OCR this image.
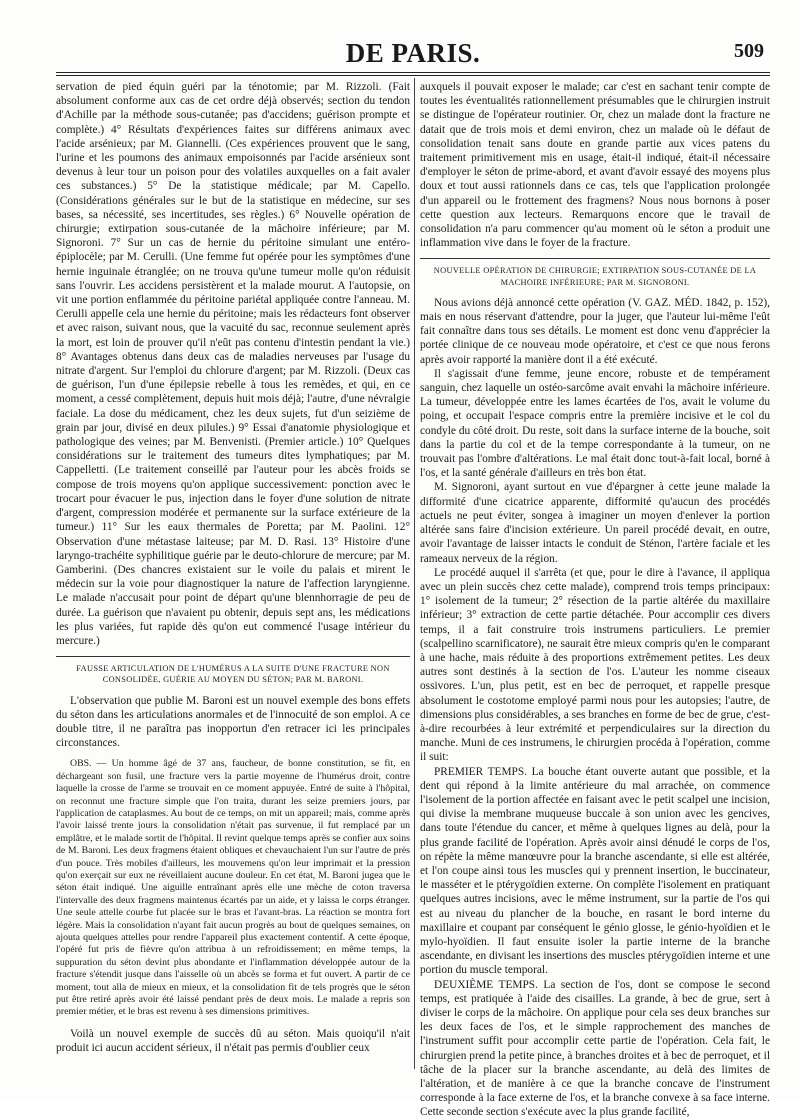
DE PARIS.	509

servation de pied équin guéri par la ténotomie; par M. Rizzoli. (Fait absolument conforme aux cas de cet ordre déjà observés; section du tendon d'Achille par la méthode sous-cutanée; pas d'accidens; guérison prompte et complète.) 4° Résultats d'expériences faites sur différens animaux avec l'acide arsénieux; par M. Giannelli. (Ces expériences prouvent que le sang, l'urine et les poumons des animaux empoisonnés par l'acide arsénieux sont devenus à leur tour un poison pour des volatiles auxquelles on a fait avaler ces substances.) 5° De la statistique médicale; par M. Capello. (Considérations générales sur le but de la statistique en médecine, sur ses bases, sa nécessité, ses incertitudes, ses règles.) 6° Nouvelle opération de chirurgie; extirpation sous-cutanée de la mâchoire inférieure; par M. Signoroni. 7° Sur un cas de hernie du péritoine simulant une entéro-épiplocèle; par M. Cerulli. (Une femme fut opérée pour les symptômes d'une hernie inguinale étranglée; on ne trouva qu'une tumeur molle qu'on réduisit sans l'ouvrir. Les accidens persistèrent et la malade mourut. A l'autopsie, on vit une portion enflammée du péritoine pariétal appliquée contre l'anneau. M. Cerulli appelle cela une hernie du péritoine; mais les rédacteurs font observer et avec raison, suivant nous, que la vacuité du sac, reconnue seulement après la mort, est loin de prouver qu'il n'eût pas contenu d'intestin pendant la vie.) 8° Avantages obtenus dans deux cas de maladies nerveuses par l'usage du nitrate d'argent. Sur l'emploi du chlorure d'argent; par M. Rizzoli. (Deux cas de guérison, l'un d'une épilepsie rebelle à tous les remèdes, et qui, en ce moment, a cessé complètement, depuis huit mois déjà; l'autre, d'une névralgie faciale. La dose du médicament, chez les deux sujets, fut d'un seizième de grain par jour, divisé en deux pilules.) 9° Essai d'anatomie physiologique et pathologique des veines; par M. Benvenisti. (Premier article.) 10° Quelques considérations sur le traitement des tumeurs dites lymphatiques; par M. Cappelletti. (Le traitement conseillé par l'auteur pour les abcès froids se compose de trois moyens qu'on applique successivement: ponction avec le trocart pour évacuer le pus, injection dans le foyer d'une solution de nitrate d'argent, compression modérée et permanente sur la surface extérieure de la tumeur.) 11° Sur les eaux thermales de Poretta; par M. Paolini. 12° Observation d'une métastase laiteuse; par M. D. Rasi. 13° Histoire d'une laryngo-trachéite syphilitique guérie par le deuto-chlorure de mercure; par M. Gamberini. (Des chancres existaient sur le voile du palais et mirent le médecin sur la voie pour diagnostiquer la nature de l'affection laryngienne. Le malade n'accusait pour point de départ qu'une blennhorragie de peu de durée. La guérison que n'avaient pu obtenir, depuis sept ans, les médications les plus variées, fut rapide dès qu'on eut commencé l'usage intérieur du mercure.)

FAUSSE ARTICULATION DE L'HUMÉRUS A LA SUITE D'UNE FRACTURE NON CONSOLIDÉE, GUÉRIE AU MOYEN DU SÉTON; PAR M. BARONI.

L'observation que publie M. Baroni est un nouvel exemple des bons effets du séton dans les articulations anormales et de l'innocuité de son emploi. A ce double titre, il ne paraîtra pas inopportun d'en retracer ici les principales circonstances.

OBS. — Un homme âgé de 37 ans, faucheur, de bonne constitution, se fit, en déchargeant son fusil, une fracture vers la partie moyenne de l'humérus droit, contre laquelle la crosse de l'arme se trouvait en ce moment appuyée. Entré de suite à l'hôpital, on reconnut une fracture simple que l'on traita, durant les seize premiers jours, par l'application de cataplasmes. Au bout de ce temps, on mit un appareil; mais, comme après l'avoir laissé trente jours la consolidation n'était pas survenue, il fut remplacé par un emplâtre, et le malade sortit de l'hôpital. Il revint quelque temps après se confier aux soins de M. Baroni. Les deux fragmens étaient obliques et chevauchaient l'un sur l'autre de près d'un pouce. Très mobiles d'ailleurs, les mouvemens qu'on leur imprimait et la pression qu'on exerçait sur eux ne réveillaient aucune douleur. En cet état, M. Baroni jugea que le séton était indiqué. Une aiguille entraînant après elle une mèche de coton traversa l'intervalle des deux fragmens maintenus écartés par un aide, et y laissa le corps étranger. Une seule attelle courbe fut placée sur le bras et l'avant-bras. La réaction se montra fort légère. Mais la consolidation n'ayant fait aucun progrès au bout de quelques semaines, on ajouta quelques attelles pour rendre l'appareil plus exactement contentif. A cette époque, l'opéré fut pris de fièvre qu'on attribua à un refroidissement; en même temps, la suppuration du séton devint plus abondante et l'inflammation développée autour de la fracture s'étendit jusque dans l'aisselle où un abcès se forma et fut ouvert. A partir de ce moment, tout alla de mieux en mieux, et la consolidation fit de tels progrès que le séton put être retiré après avoir été laissé pendant près de deux mois. Le malade a repris son premier métier, et le bras est revenu à ses dimensions primitives.

Voilà un nouvel exemple de succès dû au séton. Mais quoiqu'il n'ait produit ici aucun accident sérieux, il n'était pas permis d'oublier ceux

auxquels il pouvait exposer le malade; car c'est en sachant tenir compte de toutes les éventualités rationnellement présumables que le chirurgien instruit se distingue de l'opérateur routinier. Or, chez un malade dont la fracture ne datait que de trois mois et demi environ, chez un malade où le défaut de consolidation tenait sans doute en grande partie aux vices patens du traitement primitivement mis en usage, était-il indiqué, était-il nécessaire d'employer le séton de prime-abord, et avant d'avoir essayé des moyens plus doux et tout aussi rationnels dans ce cas, tels que l'application prolongée d'un appareil ou le frottement des fragmens? Nous nous bornons à poser cette question aux lecteurs. Remarquons encore que le travail de consolidation n'a paru commencer qu'au moment où le séton a produit une inflammation vive dans le foyer de la fracture.

NOUVELLE OPÉRATION DE CHIRURGIE; EXTIRPATION SOUS-CUTANÉE DE LA MACHOIRE INFÉRIEURE; PAR M. SIGNORONI.

Nous avions déjà annoncé cette opération (V. GAZ. MÉD. 1842, p. 152), mais en nous réservant d'attendre, pour la juger, que l'auteur lui-même l'eût fait connaître dans tous ses détails. Le moment est donc venu d'apprécier la portée clinique de ce nouveau mode opératoire, et c'est ce que nous ferons après avoir rapporté la manière dont il a été exécuté.

Il s'agissait d'une femme, jeune encore, robuste et de tempérament sanguin, chez laquelle un ostéo-sarcôme avait envahi la mâchoire inférieure. La tumeur, développée entre les lames écartées de l'os, avait le volume du poing, et occupait l'espace compris entre la première incisive et le col du condyle du côté droit. Du reste, soit dans la surface interne de la bouche, soit dans la partie du col et de la tempe correspondante à la tumeur, on ne trouvait pas l'ombre d'altérations. Le mal était donc tout-à-fait local, borné à l'os, et la santé générale d'ailleurs en très bon état.

M. Signoroni, ayant surtout en vue d'épargner à cette jeune malade la difformité d'une cicatrice apparente, difformité qu'aucun des procédés actuels ne peut éviter, songea à imaginer un moyen d'enlever la portion altérée sans faire d'incision extérieure. Un pareil procédé devait, en outre, avoir l'avantage de laisser intacts le conduit de Sténon, l'artère faciale et les rameaux nerveux de la région.

Le procédé auquel il s'arrêta (et que, pour le dire à l'avance, il appliqua avec un plein succès chez cette malade), comprend trois temps principaux: 1° isolement de la tumeur; 2° résection de la partie altérée du maxillaire inférieur; 3° extraction de cette partie détachée. Pour accomplir ces divers temps, il a fait construire trois instrumens particuliers. Le premier (scalpellino scarnificatore), ne saurait être mieux compris qu'en le comparant à une hache, mais réduite à des proportions extrêmement petites. Les deux autres sont destinés à la section de l'os. L'auteur les nomme ciseaux ossivores. L'un, plus petit, est en bec de perroquet, et rappelle presque absolument le costotome employé parmi nous pour les autopsies; l'autre, de dimensions plus considérables, a ses branches en forme de bec de grue, c'est-à-dire recourbées à leur extrémité et perpendiculaires sur la direction du manche. Muni de ces instrumens, le chirurgien procéda à l'opération, comme il suit:

PREMIER TEMPS. La bouche étant ouverte autant que possible, et la dent qui répond à la limite antérieure du mal arrachée, on commence l'isolement de la portion affectée en faisant avec le petit scalpel une incision, qui divise la membrane muqueuse buccale à son union avec les gencives, dans toute l'étendue du cancer, et même à quelques lignes au delà, pour la plus grande facilité de l'opération. Après avoir ainsi dénudé le corps de l'os, on répète la même manœuvre pour la branche ascendante, si elle est altérée, et l'on coupe ainsi tous les muscles qui y prennent insertion, le buccinateur, le masséter et le ptérygoïdien externe. On complète l'isolement en pratiquant quelques autres incisions, avec le même instrument, sur la partie de l'os qui est au niveau du plancher de la bouche, en rasant le bord interne du maxillaire et coupant par conséquent le génio glosse, le génio-hyoïdien et le mylo-hyoïdien. Il faut ensuite isoler la partie interne de la branche ascendante, en divisant les insertions des muscles ptérygoïdien interne et une portion du muscle temporal.

DEUXIÈME TEMPS. La section de l'os, dont se compose le second temps, est pratiquée à l'aide des cisailles. La grande, à bec de grue, sert à diviser le corps de la mâchoire. On applique pour cela ses deux branches sur les deux faces de l'os, et le simple rapprochement des manches de l'instrument suffit pour accomplir cette partie de l'opération. Cela fait, le chirurgien prend la petite pince, à branches droites et à bec de perroquet, et il tâche de la placer sur la branche ascendante, au delà des limites de l'altération, et de manière à ce que la branche concave de l'instrument corresponde à la face externe de l'os, et la branche convexe à sa face interne. Cette seconde section s'exécute avec la plus grande facilité,
